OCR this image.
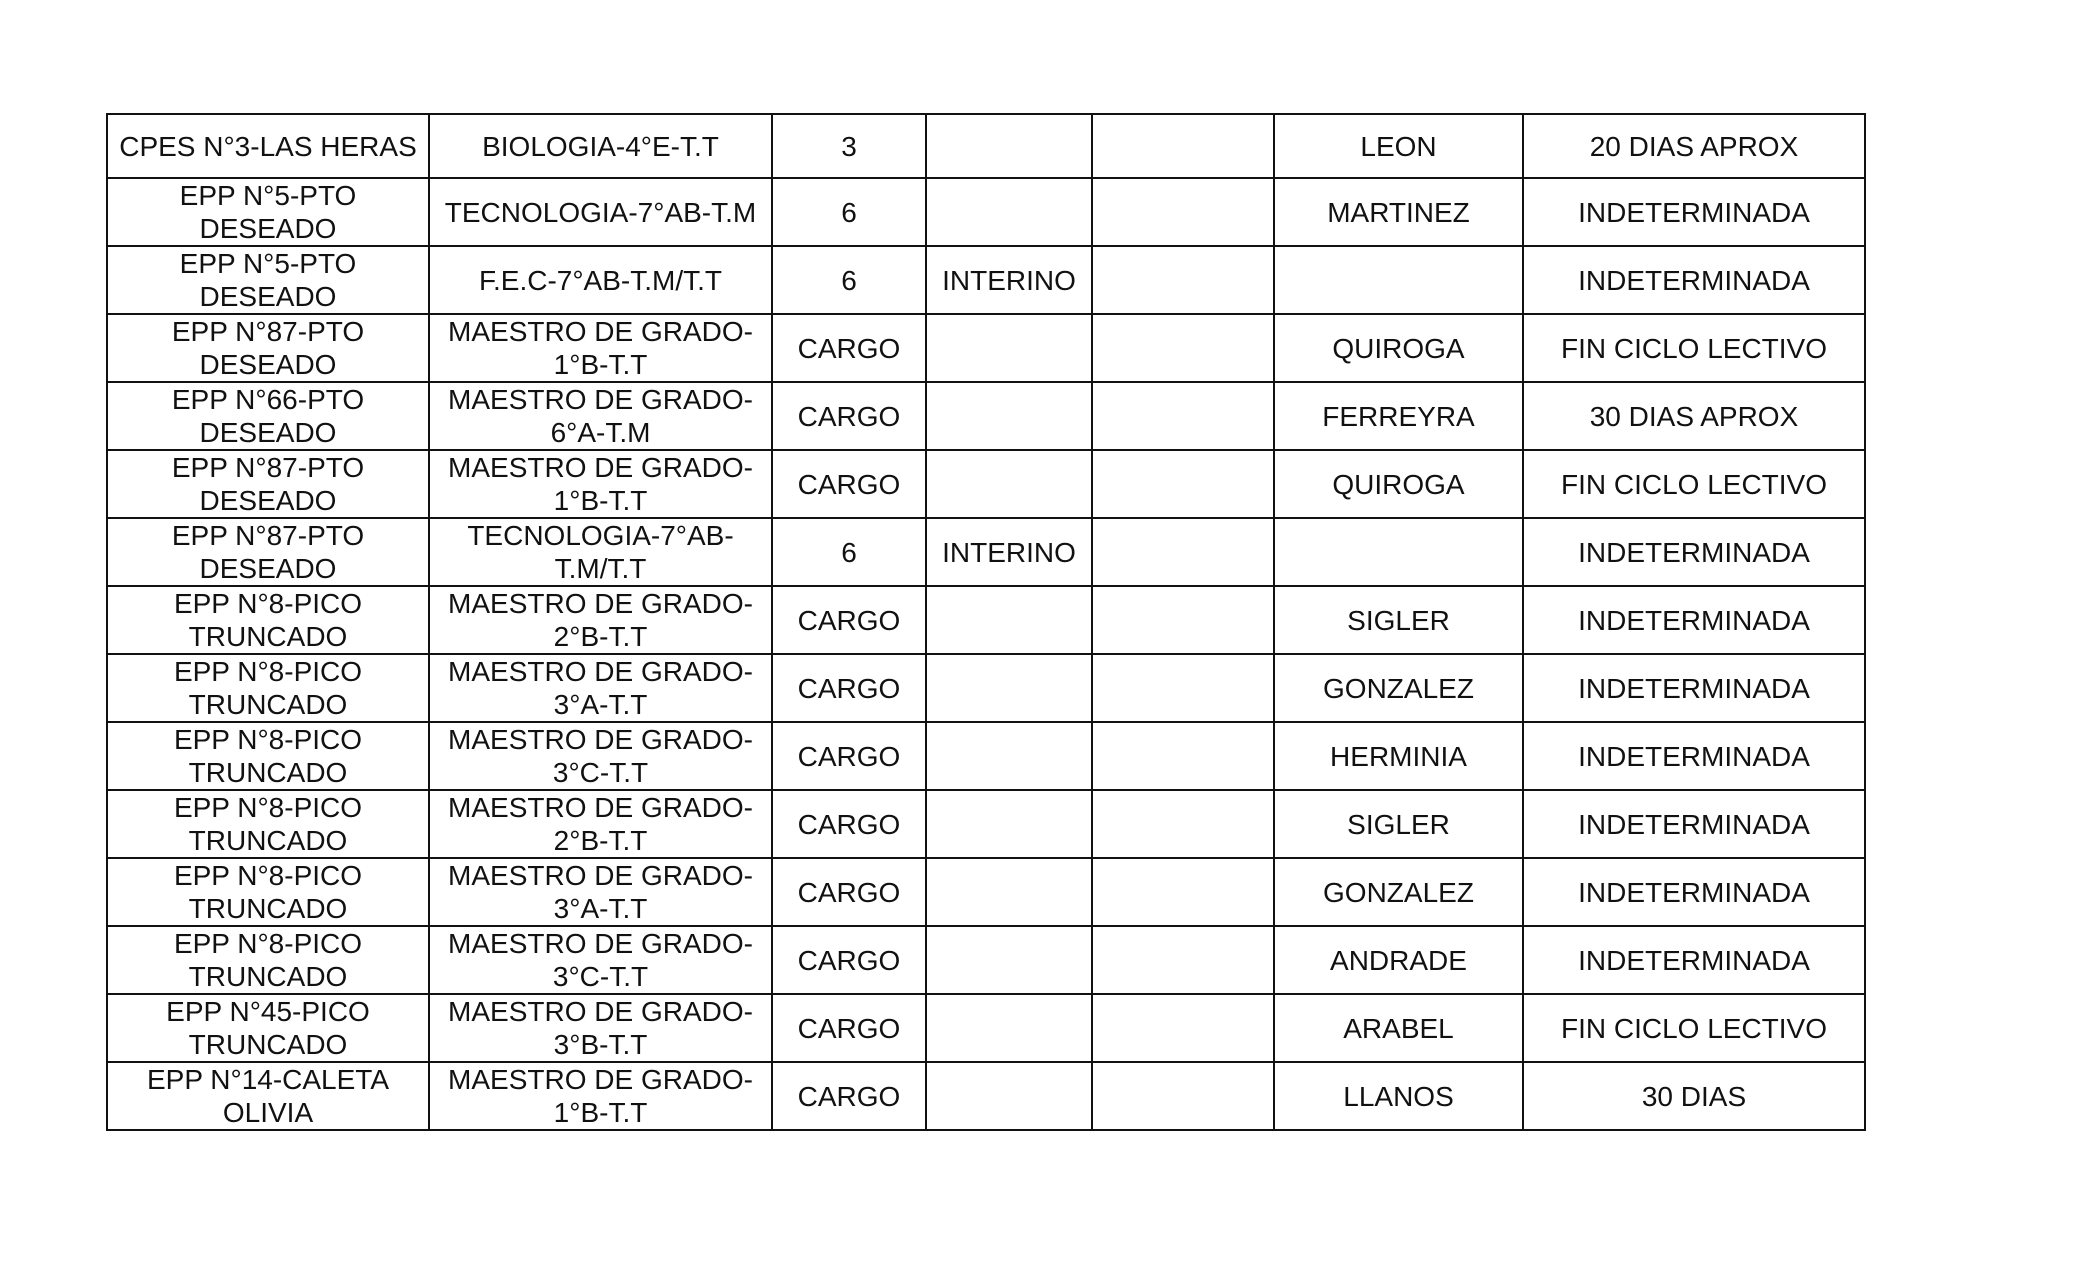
CPES N°3-LAS HERAS	BIOLOGIA-4°E-T.T	3			LEON	20 DIAS APROX
EPP N°5-PTO DESEADO	TECNOLOGIA-7°AB-T.M	6			MARTINEZ	INDETERMINADA
EPP N°5-PTO DESEADO	F.E.C-7°AB-T.M/T.T	6	INTERINO			INDETERMINADA
EPP N°87-PTO DESEADO	MAESTRO DE GRADO-1°B-T.T	CARGO			QUIROGA	FIN CICLO LECTIVO
EPP N°66-PTO DESEADO	MAESTRO DE GRADO-6°A-T.M	CARGO			FERREYRA	30 DIAS APROX
EPP N°87-PTO DESEADO	MAESTRO DE GRADO-1°B-T.T	CARGO			QUIROGA	FIN CICLO LECTIVO
EPP N°87-PTO DESEADO	TECNOLOGIA-7°AB-T.M/T.T	6	INTERINO			INDETERMINADA
EPP N°8-PICO TRUNCADO	MAESTRO DE GRADO-2°B-T.T	CARGO			SIGLER	INDETERMINADA
EPP N°8-PICO TRUNCADO	MAESTRO DE GRADO-3°A-T.T	CARGO			GONZALEZ	INDETERMINADA
EPP N°8-PICO TRUNCADO	MAESTRO DE GRADO-3°C-T.T	CARGO			HERMINIA	INDETERMINADA
EPP N°8-PICO TRUNCADO	MAESTRO DE GRADO-2°B-T.T	CARGO			SIGLER	INDETERMINADA
EPP N°8-PICO TRUNCADO	MAESTRO DE GRADO-3°A-T.T	CARGO			GONZALEZ	INDETERMINADA
EPP N°8-PICO TRUNCADO	MAESTRO DE GRADO-3°C-T.T	CARGO			ANDRADE	INDETERMINADA
EPP N°45-PICO TRUNCADO	MAESTRO DE GRADO-3°B-T.T	CARGO			ARABEL	FIN CICLO LECTIVO
EPP N°14-CALETA OLIVIA	MAESTRO DE GRADO-1°B-T.T	CARGO			LLANOS	30 DIAS
